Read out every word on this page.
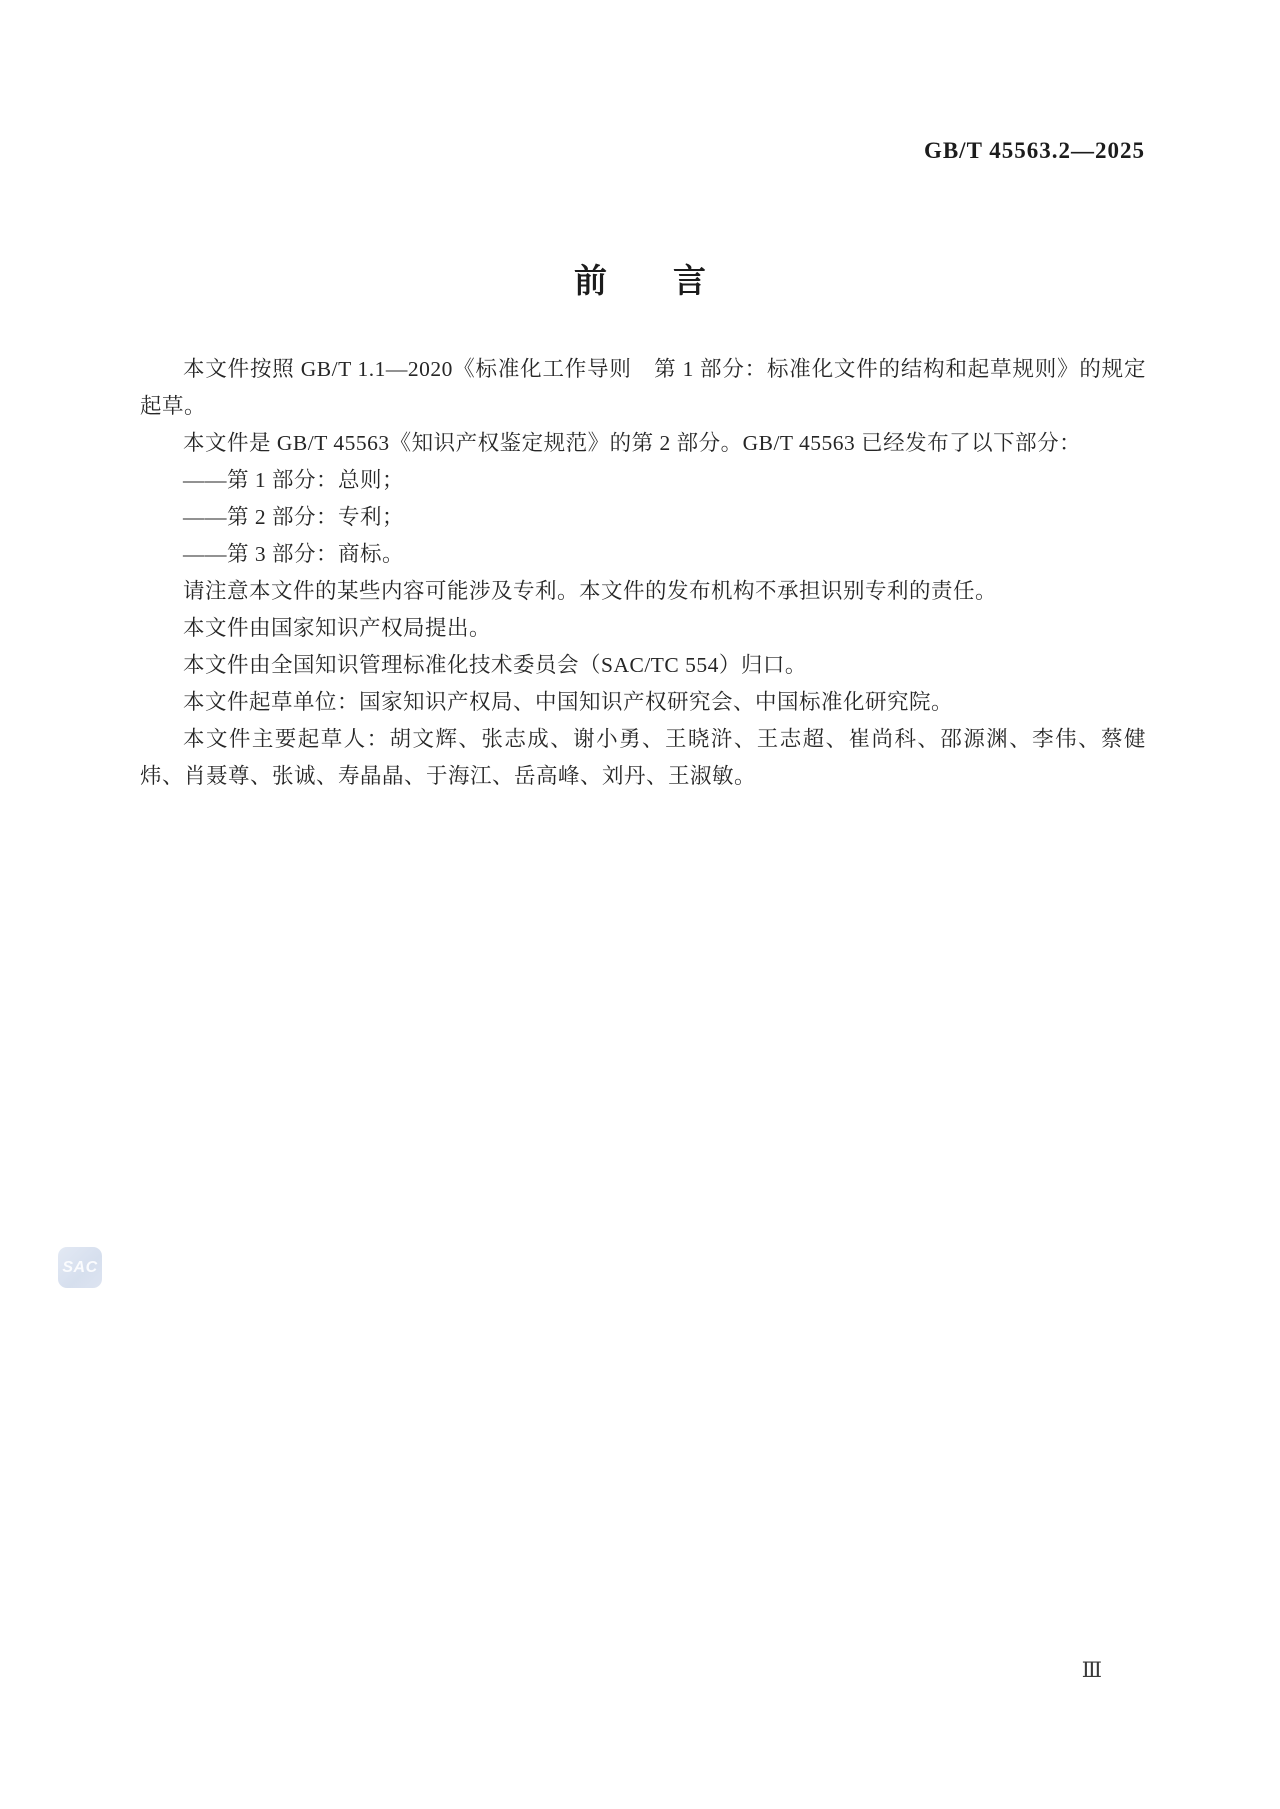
GB/T 45563.2—2025
前　　言

本文件按照 GB/T 1.1—2020《标准化工作导则　第 1 部分：标准化文件的结构和起草规则》的规定起草。

本文件是 GB/T 45563《知识产权鉴定规范》的第 2 部分。GB/T 45563 已经发布了以下部分：

——第 1 部分：总则；

——第 2 部分：专利；

——第 3 部分：商标。

请注意本文件的某些内容可能涉及专利。本文件的发布机构不承担识别专利的责任。

本文件由国家知识产权局提出。

本文件由全国知识管理标准化技术委员会（SAC/TC 554）归口。

本文件起草单位：国家知识产权局、中国知识产权研究会、中国标准化研究院。

本文件主要起草人：胡文辉、张志成、谢小勇、王晓浒、王志超、崔尚科、邵源渊、李伟、蔡健炜、肖聂尊、张诚、寿晶晶、于海江、岳高峰、刘丹、王淑敏。

SAC
Ⅲ
